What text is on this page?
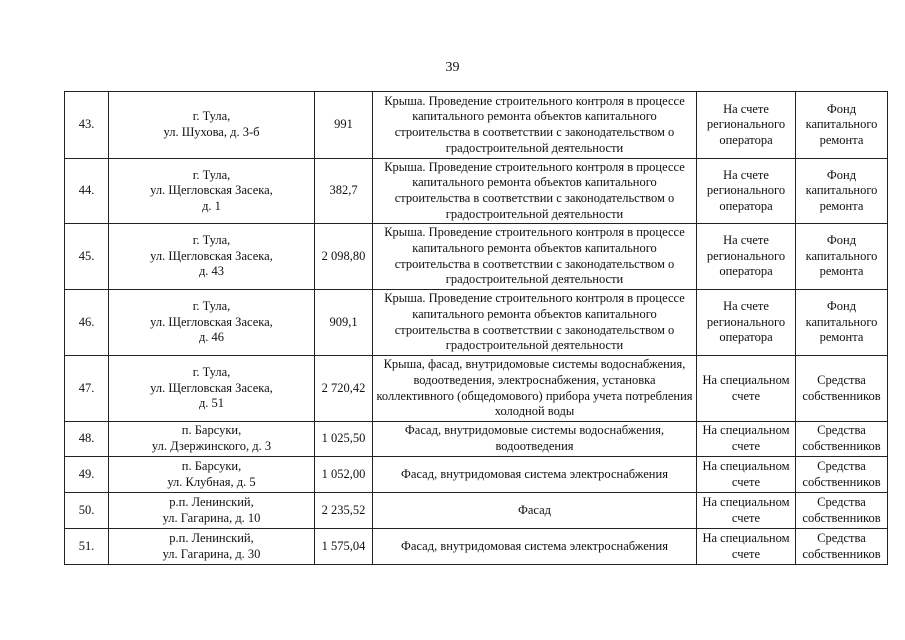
39
43.	г. Тула,
ул. Шухова, д. 3-б	991	Крыша. Проведение строительного контроля в процессе капитального ремонта объектов капитального строительства в соответствии с законодательством о градостроительной деятельности	На счете регионального оператора	Фонд капитального ремонта
44.	г. Тула,
ул. Щегловская Засека,
д. 1	382,7	Крыша. Проведение строительного контроля в процессе капитального ремонта объектов капитального строительства в соответствии с законодательством о градостроительной деятельности	На счете регионального оператора	Фонд капитального ремонта
45.	г. Тула,
ул. Щегловская Засека,
д. 43	2 098,80	Крыша. Проведение строительного контроля в процессе капитального ремонта объектов капитального строительства в соответствии с законодательством о градостроительной деятельности	На счете регионального оператора	Фонд капитального ремонта
46.	г. Тула,
ул. Щегловская Засека,
д. 46	909,1	Крыша. Проведение строительного контроля в процессе капитального ремонта объектов капитального строительства в соответствии с законодательством о градостроительной деятельности	На счете регионального оператора	Фонд капитального ремонта
47.	г. Тула,
ул. Щегловская Засека,
д. 51	2 720,42	Крыша, фасад, внутридомовые системы водоснабжения, водоотведения, электроснабжения, установка коллективного (общедомового) прибора учета потребления холодной воды	На специальном счете	Средства собственников
48.	п. Барсуки,
ул. Дзержинского, д. 3	1 025,50	Фасад, внутридомовые системы водоснабжения, водоотведения	На специальном счете	Средства собственников
49.	п. Барсуки,
ул. Клубная, д. 5	1 052,00	Фасад, внутридомовая система электроснабжения	На специальном счете	Средства собственников
50.	р.п. Ленинский,
ул. Гагарина, д. 10	2 235,52	Фасад	На специальном счете	Средства собственников
51.	р.п. Ленинский,
ул. Гагарина, д. 30	1 575,04	Фасад, внутридомовая система электроснабжения	На специальном счете	Средства собственников
